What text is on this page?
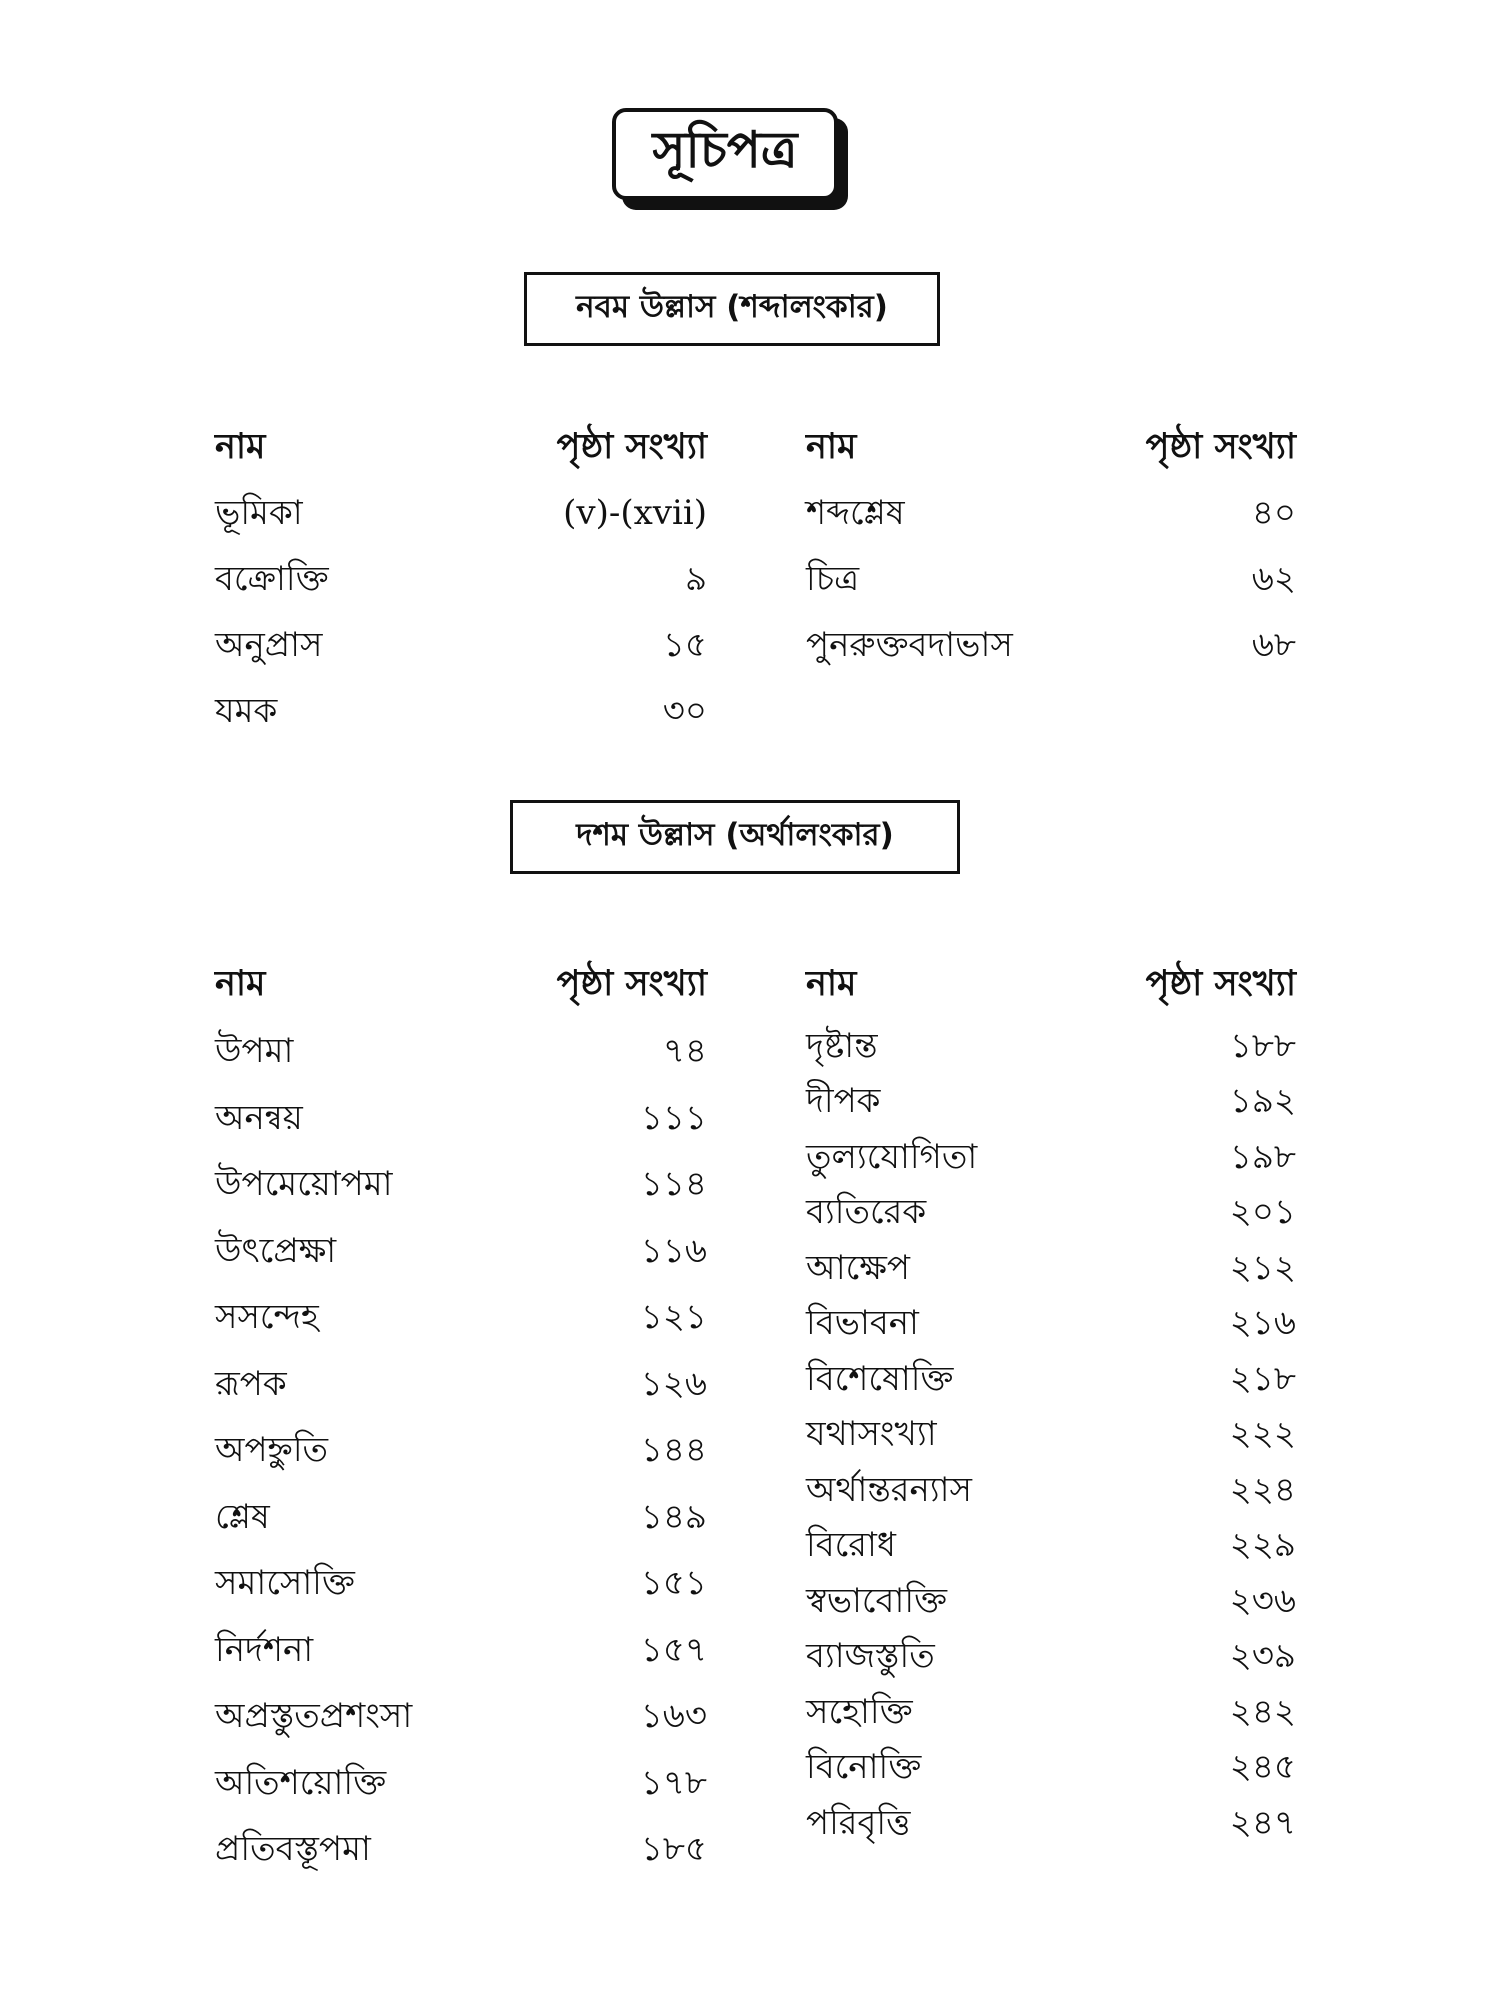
সূচিপত্র
নবম উল্লাস (শব্দালংকার)
নাম	পৃষ্ঠা সংখ্যা
ভূমিকা	(v)-(xvii)
বক্রোক্তি	৯
অনুপ্রাস	১৫
যমক	৩০
নাম	পৃষ্ঠা সংখ্যা
শব্দশ্লেষ	৪০
চিত্র	৬২
পুনরুক্তবদাভাস	৬৮
দশম উল্লাস (অর্থালংকার)
নাম	পৃষ্ঠা সংখ্যা
উপমা	৭৪
অনন্বয়	১১১
উপমেয়োপমা	১১৪
উৎপ্রেক্ষা	১১৬
সসন্দেহ	১২১
রূপক	১২৬
অপহ্নুতি	১৪৪
শ্লেষ	১৪৯
সমাসোক্তি	১৫১
নির্দশনা	১৫৭
অপ্রস্তুতপ্রশংসা	১৬৩
অতিশয়োক্তি	১৭৮
প্রতিবস্তূপমা	১৮৫
নাম	পৃষ্ঠা সংখ্যা
দৃষ্টান্ত	১৮৮
দীপক	১৯২
তুল্যযোগিতা	১৯৮
ব্যতিরেক	২০১
আক্ষেপ	২১২
বিভাবনা	২১৬
বিশেষোক্তি	২১৮
যথাসংখ্যা	২২২
অর্থান্তরন্যাস	২২৪
বিরোধ	২২৯
স্বভাবোক্তি	২৩৬
ব্যাজস্তুতি	২৩৯
সহোক্তি	২৪২
বিনোক্তি	২৪৫
পরিবৃত্তি	২৪৭
